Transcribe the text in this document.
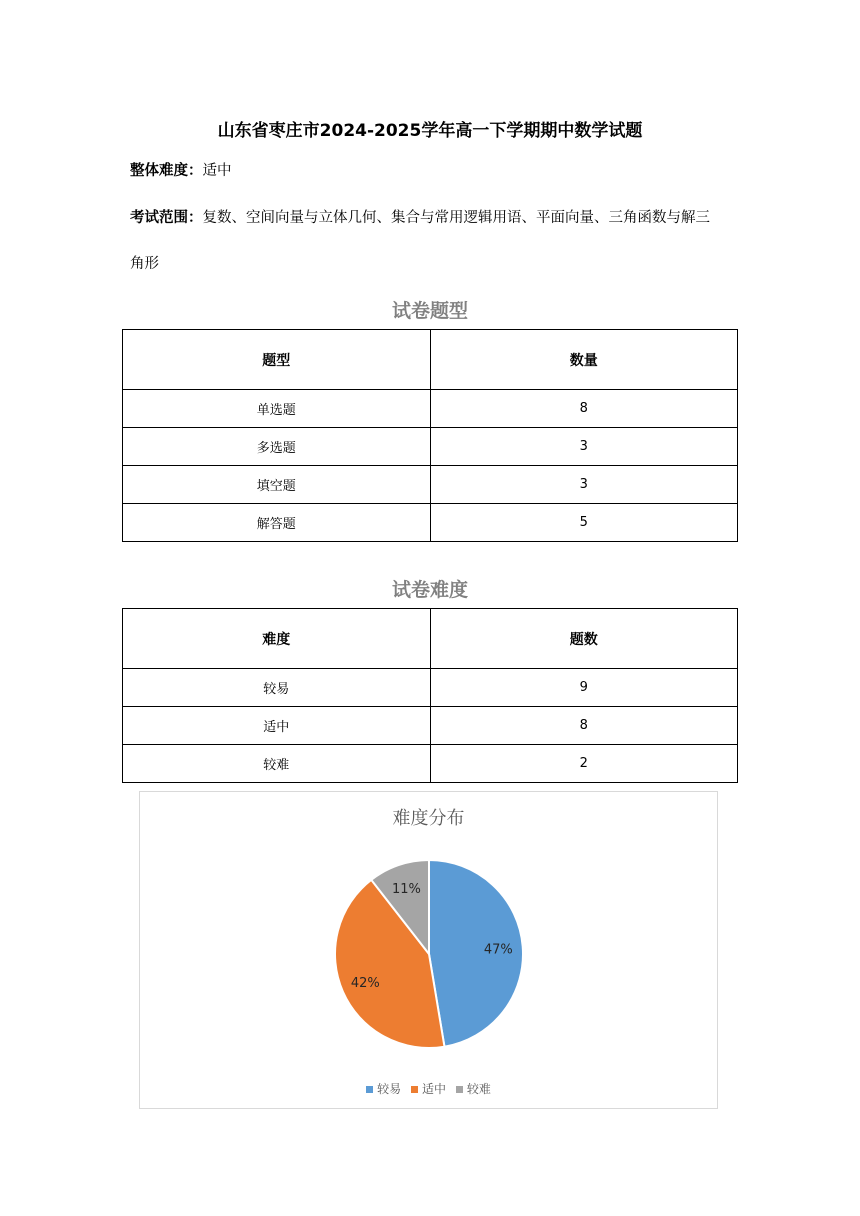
山东省枣庄市2024-2025学年高一下学期期中数学试题
整体难度：适中
考试范围：复数、空间向量与立体几何、集合与常用逻辑用语、平面向量、三角函数与解三
角形
试卷题型
题型	数量
单选题	8
多选题	3
填空题	3
解答题	5
试卷难度
难度	题数
较易	9
适中	8
较难	2
难度分布
47%
42%
11%
较易 适中 较难
